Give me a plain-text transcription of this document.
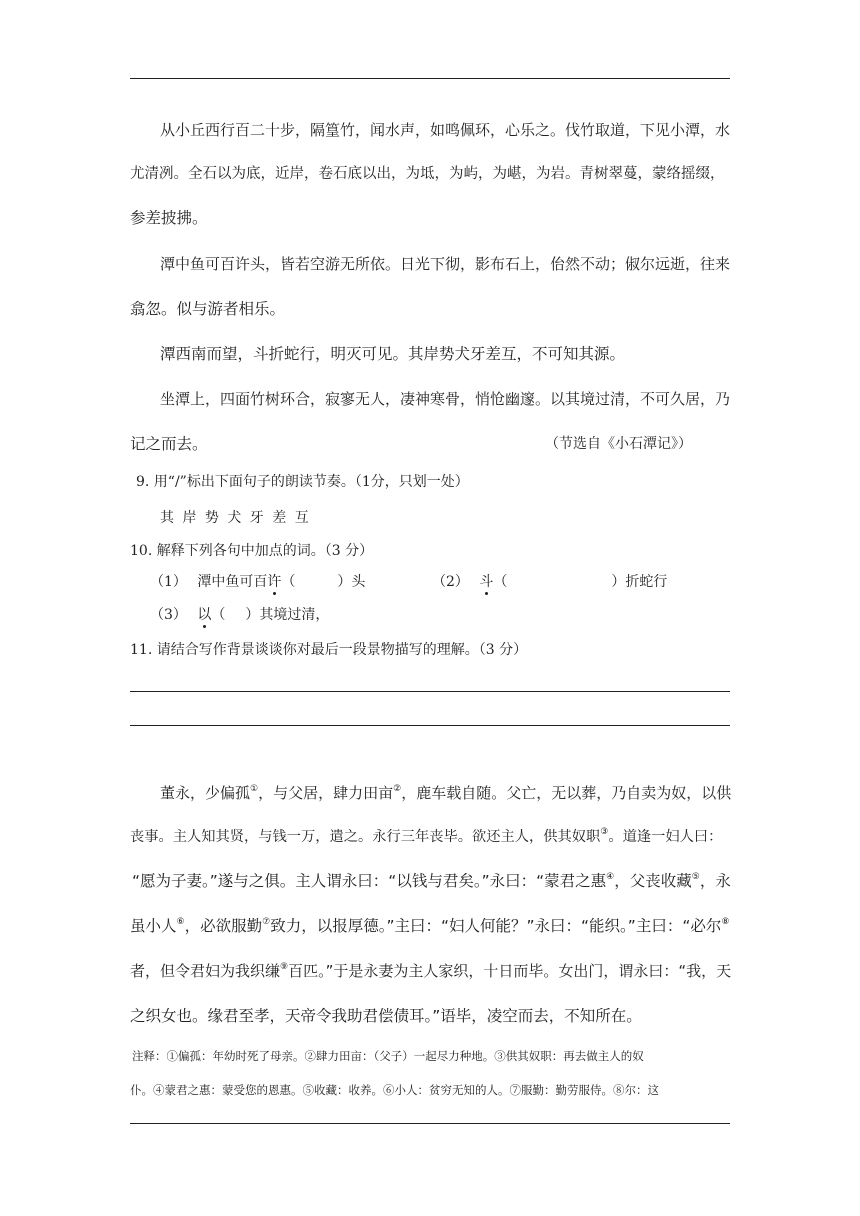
从小丘西行百二十步，隔篁竹，闻水声，如鸣佩环，心乐之。伐竹取道，下见小潭，水
尤清冽。全石以为底，近岸，卷石底以出，为坻，为屿，为嵁，为岩。青树翠蔓，蒙络摇缀，
参差披拂。
潭中鱼可百许头，皆若空游无所依。日光下彻，影布石上，佁然不动；俶尔远逝，往来
翕忽。似与游者相乐。
潭西南而望，斗折蛇行，明灭可见。其岸势犬牙差互，不可知其源。
坐潭上，四面竹树环合，寂寥无人，凄神寒骨，悄怆幽邃。以其境过清，不可久居，乃
记之而去。	（节选自《小石潭记》）
9. 用“/”标出下面句子的朗读节奏。（1分，只划一处）
其 岸 势 犬 牙 差 互
10. 解释下列各句中加点的词。（3 分）
（1） 潭中鱼可百许（	）头	（2） 斗（	）折蛇行
（3） 以（ ）其境过清，
11. 请结合写作背景谈谈你对最后一段景物描写的理解。（3 分）
董永，少偏孤①，与父居，肆力田亩②，鹿车载自随。父亡，无以葬，乃自卖为奴，以供
丧事。主人知其贤，与钱一万，遣之。永行三年丧毕。欲还主人，供其奴职③。道逢一妇人曰：
“愿为子妻。”遂与之俱。主人谓永曰：“以钱与君矣。”永曰：“蒙君之惠④，父丧收藏⑤，永
虽小人⑥，必欲服勤⑦致力，以报厚德。”主曰：“妇人何能？”永曰：“能织。”主曰：“必尔⑧
者，但令君妇为我织缣⑨百匹。”于是永妻为主人家织，十日而毕。女出门，谓永曰：“我，天
之织女也。缘君至孝，天帝令我助君偿债耳。”语毕，凌空而去，不知所在。
注释：①偏孤：年幼时死了母亲。②肆力田亩：（父子）一起尽力种地。③供其奴职：再去做主人的奴
仆。④蒙君之惠：蒙受您的恩惠。⑤收藏：收养。⑥小人：贫穷无知的人。⑦服勤：勤劳服侍。⑧尔：这
